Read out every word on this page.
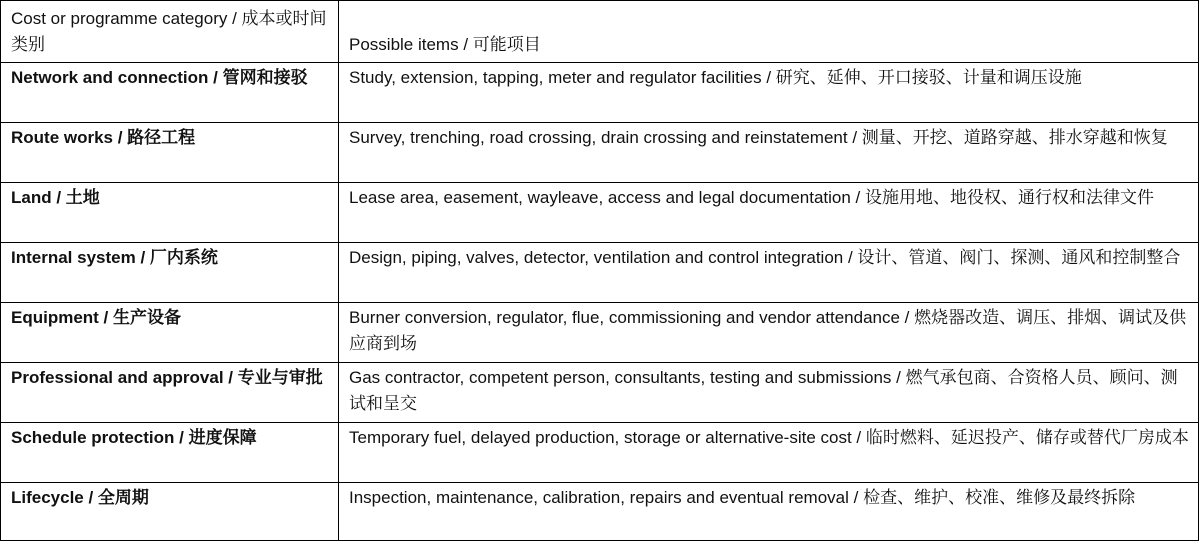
Cost or programme category / 成本或时间类别	Possible items / 可能项目
Network and connection / 管网和接驳	Study, extension, tapping, meter and regulator facilities / 研究、延伸、开口接驳、计量和调压设施
Route works / 路径工程	Survey, trenching, road crossing, drain crossing and reinstatement / 测量、开挖、道路穿越、排水穿越和恢复
Land / 土地	Lease area, easement, wayleave, access and legal documentation / 设施用地、地役权、通行权和法律文件
Internal system / 厂内系统	Design, piping, valves, detector, ventilation and control integration / 设计、管道、阀门、探测、通风和控制整合
Equipment / 生产设备	Burner conversion, regulator, flue, commissioning and vendor attendance / 燃烧器改造、调压、排烟、调试及供应商到场
Professional and approval / 专业与审批	Gas contractor, competent person, consultants, testing and submissions / 燃气承包商、合资格人员、顾问、测试和呈交
Schedule protection / 进度保障	Temporary fuel, delayed production, storage or alternative-site cost / 临时燃料、延迟投产、储存或替代厂房成本
Lifecycle / 全周期	Inspection, maintenance, calibration, repairs and eventual removal / 检查、维护、校准、维修及最终拆除
